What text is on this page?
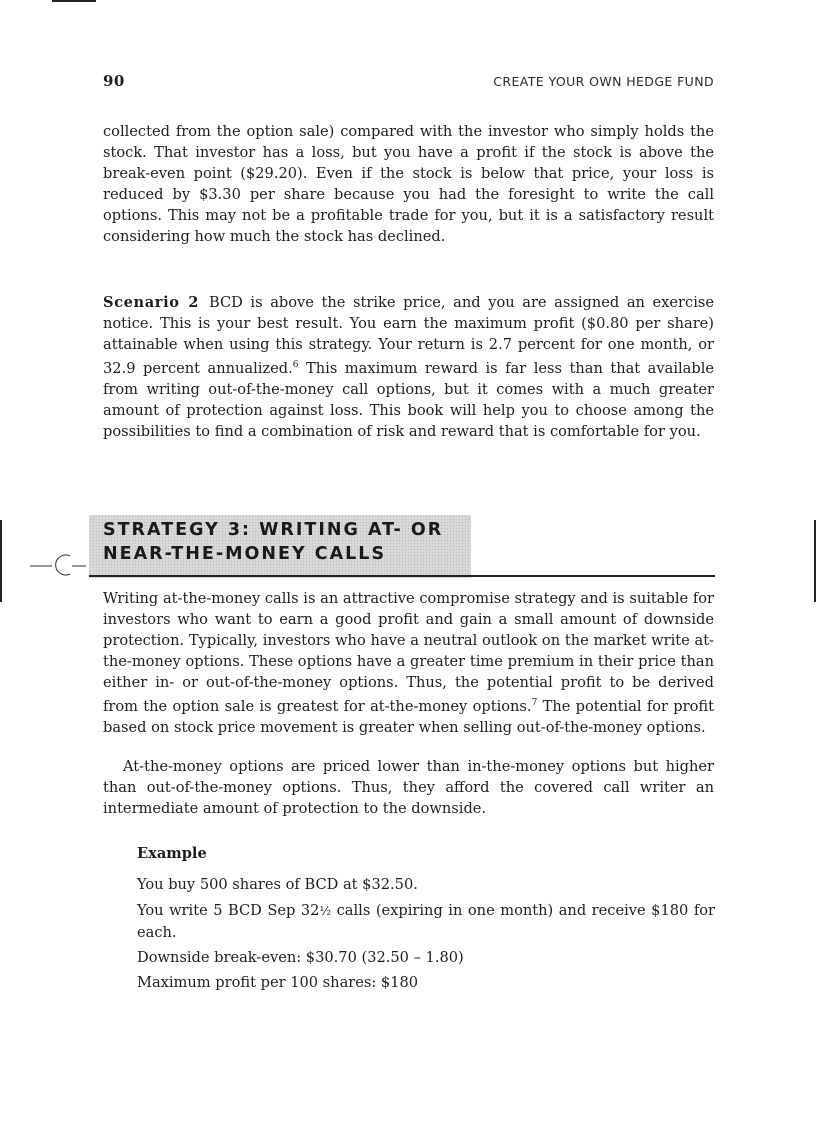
90	CREATE YOUR OWN HEDGE FUND

collected from the option sale) compared with the investor who simply holds the stock. That investor has a loss, but you have a profit if the stock is above the break-even point ($29.20). Even if the stock is below that price, your loss is reduced by $3.30 per share because you had the foresight to write the call options. This may not be a profitable trade for you, but it is a satisfactory result considering how much the stock has declined.

Scenario 2 BCD is above the strike price, and you are assigned an exercise notice. This is your best result. You earn the maximum profit ($0.80 per share) attainable when using this strategy. Your return is 2.7 percent for one month, or 32.9 percent annualized.$^6$ This maximum reward is far less than that available from writing out-of-the-money call options, but it comes with a much greater amount of protection against loss. This book will help you to choose among the possibilities to find a combination of risk and reward that is comfortable for you.

STRATEGY 3: WRITING AT- OR
NEAR-THE-MONEY CALLS

Writing at-the-money calls is an attractive compromise strategy and is suitable for investors who want to earn a good profit and gain a small amount of downside protection. Typically, investors who have a neutral outlook on the market write at-the-money options. These options have a greater time premium in their price than either in- or out-of-the-money options. Thus, the potential profit to be derived from the option sale is greatest for at-the-money options.$^7$ The potential for profit based on stock price movement is greater when selling out-of-the-money options.

At-the-money options are priced lower than in-the-money options but higher than out-of-the-money options. Thus, they afford the covered call writer an intermediate amount of protection to the downside.

Example
You buy 500 shares of BCD at $32.50.
You write 5 BCD Sep 32½ calls (expiring in one month) and receive $180 for each.
Downside break-even: $30.70 (32.50 – 1.80)
Maximum profit per 100 shares: $180
